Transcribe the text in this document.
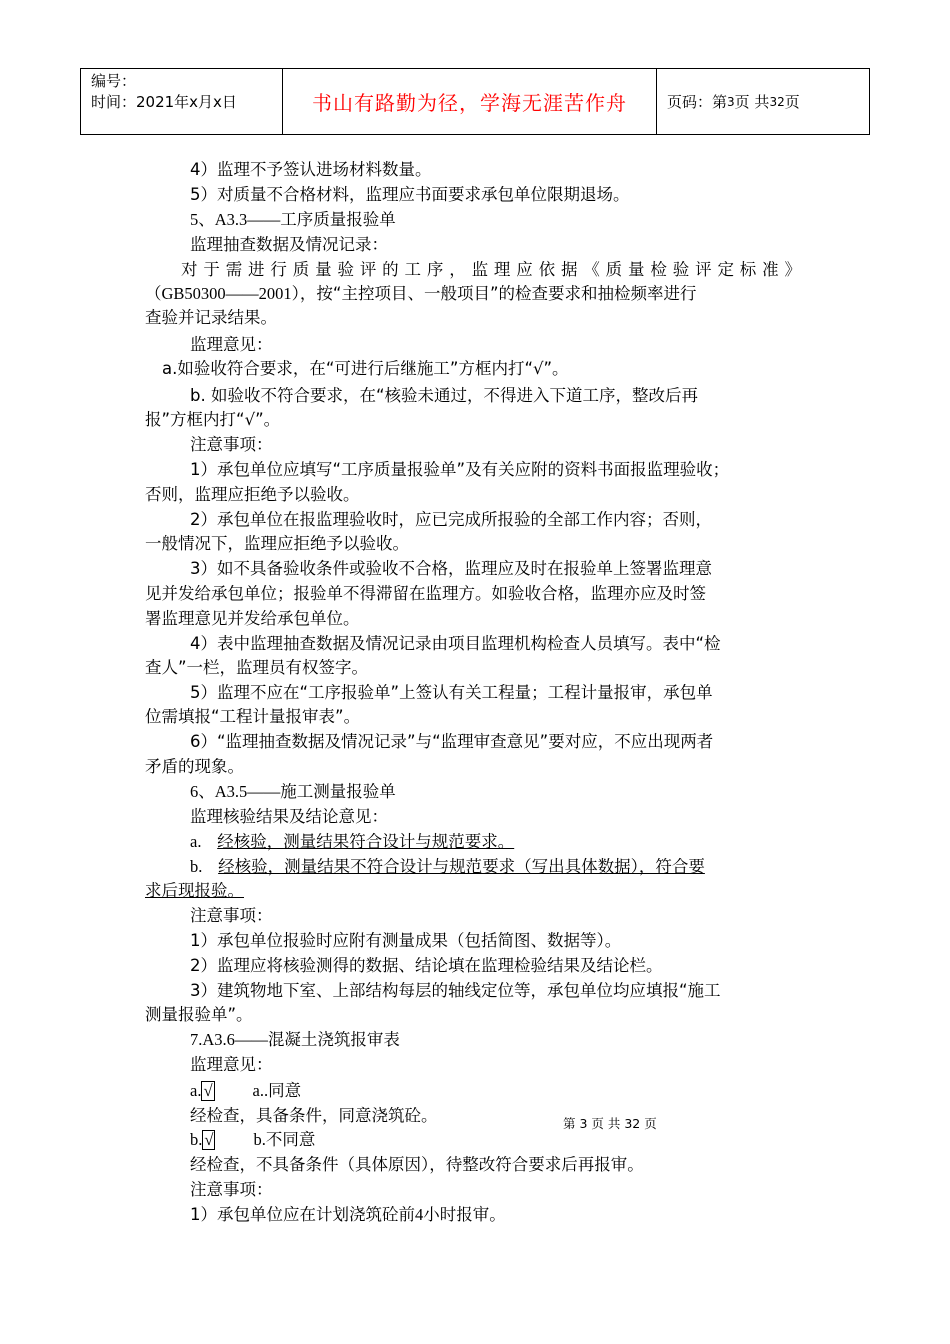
编号：
时间：2021年x月x日	书山有路勤为径，学海无涯苦作舟	页码：第 3 页 共 32 页
4）监理不予签认进场材料数量。
5）对质量不合格材料，监理应书面要求承包单位限期退场。
5、A3.3——工序质量报验单
监理抽查数据及情况记录：
对于需进行质量验评的工序，监理应依据《质量检验评定标准》
（GB50300——2001），按“主控项目、一般项目”的检查要求和抽检频率进行
查验并记录结果。
监理意见：
a.如验收符合要求，在“可进行后继施工”方框内打“√”。
b. 如验收不符合要求，在“核验未通过，不得进入下道工序，整改后再
报”方框内打“√”。
注意事项：
1）承包单位应填写“工序质量报验单”及有关应附的资料书面报监理验收；
否则，监理应拒绝予以验收。
2）承包单位在报监理验收时，应已完成所报验的全部工作内容；否则，
一般情况下，监理应拒绝予以验收。
3）如不具备验收条件或验收不合格，监理应及时在报验单上签署监理意
见并发给承包单位；报验单不得滞留在监理方。如验收合格，监理亦应及时签
署监理意见并发给承包单位。
4）表中监理抽查数据及情况记录由项目监理机构检查人员填写。表中“检
查人”一栏，监理员有权签字。
5）监理不应在“工序报验单”上签认有关工程量；工程计量报审，承包单
位需填报“工程计量报审表”。
6）“监理抽查数据及情况记录”与“监理审查意见”要对应，不应出现两者
矛盾的现象。
6、A3.5——施工测量报验单
监理核验结果及结论意见：
a. 经核验，测量结果符合设计与规范要求。
b. 经核验，测量结果不符合设计与规范要求（写出具体数据），符合要
求后现报验。
注意事项：
1）承包单位报验时应附有测量成果（包括简图、数据等）。
2）监理应将核验测得的数据、结论填在监理检验结果及结论栏。
3）建筑物地下室、上部结构每层的轴线定位等，承包单位均应填报“施工
测量报验单”。
7.A3.6——混凝土浇筑报审表
监理意见：
a. √ a..同意
经检查，具备条件，同意浇筑砼。
b. √ b.不同意
经检查，不具备条件（具体原因），待整改符合要求后再报审。
注意事项：
1）承包单位应在计划浇筑砼前4小时报审。
第 3 页 共 32 页
